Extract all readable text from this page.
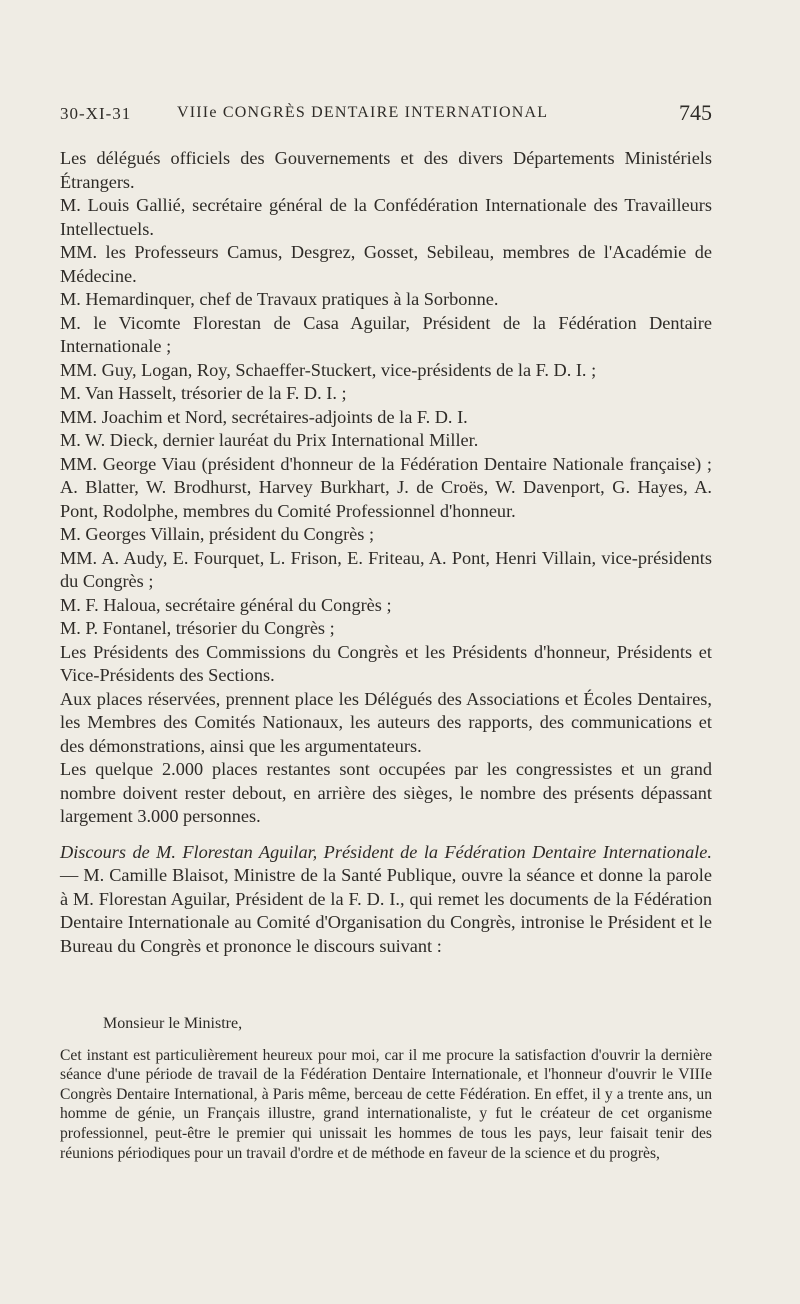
30-XI-31	VIIIe CONGRÈS DENTAIRE INTERNATIONAL	745

Les délégués officiels des Gouvernements et des divers Départements Ministériels Étrangers.

M. Louis Gallié, secrétaire général de la Confédération Internationale des Travailleurs Intellectuels.

MM. les Professeurs Camus, Desgrez, Gosset, Sebileau, membres de l'Académie de Médecine.

M. Hemardinquer, chef de Travaux pratiques à la Sorbonne.

M. le Vicomte Florestan de Casa Aguilar, Président de la Fédération Dentaire Internationale ;

MM. Guy, Logan, Roy, Schaeffer-Stuckert, vice-présidents de la F. D. I. ;

M. Van Hasselt, trésorier de la F. D. I. ;

MM. Joachim et Nord, secrétaires-adjoints de la F. D. I.

M. W. Dieck, dernier lauréat du Prix International Miller.

MM. George Viau (président d'honneur de la Fédération Dentaire Nationale française) ; A. Blatter, W. Brodhurst, Harvey Burkhart, J. de Croës, W. Davenport, G. Hayes, A. Pont, Rodolphe, membres du Comité Professionnel d'honneur.

M. Georges Villain, président du Congrès ;

MM. A. Audy, E. Fourquet, L. Frison, E. Friteau, A. Pont, Henri Villain, vice-présidents du Congrès ;

M. F. Haloua, secrétaire général du Congrès ;

M. P. Fontanel, trésorier du Congrès ;

Les Présidents des Commissions du Congrès et les Présidents d'honneur, Présidents et Vice-Présidents des Sections.

Aux places réservées, prennent place les Délégués des Associations et Écoles Dentaires, les Membres des Comités Nationaux, les auteurs des rapports, des communications et des démonstrations, ainsi que les argumentateurs.

Les quelque 2.000 places restantes sont occupées par les congressistes et un grand nombre doivent rester debout, en arrière des sièges, le nombre des présents dépassant largement 3.000 personnes.

Discours de M. Florestan Aguilar, Président de la Fédération Dentaire Internationale. — M. Camille Blaisot, Ministre de la Santé Publique, ouvre la séance et donne la parole à M. Florestan Aguilar, Président de la F. D. I., qui remet les documents de la Fédération Dentaire Internationale au Comité d'Organisation du Congrès, intronise le Président et le Bureau du Congrès et prononce le discours suivant :

Monsieur le Ministre,

Cet instant est particulièrement heureux pour moi, car il me procure la satisfaction d'ouvrir la dernière séance d'une période de travail de la Fédération Dentaire Internationale, et l'honneur d'ouvrir le VIIIe Congrès Dentaire International, à Paris même, berceau de cette Fédération. En effet, il y a trente ans, un homme de génie, un Français illustre, grand internationaliste, y fut le créateur de cet organisme professionnel, peut-être le premier qui unissait les hommes de tous les pays, leur faisait tenir des réunions périodiques pour un travail d'ordre et de méthode en faveur de la science et du progrès,
